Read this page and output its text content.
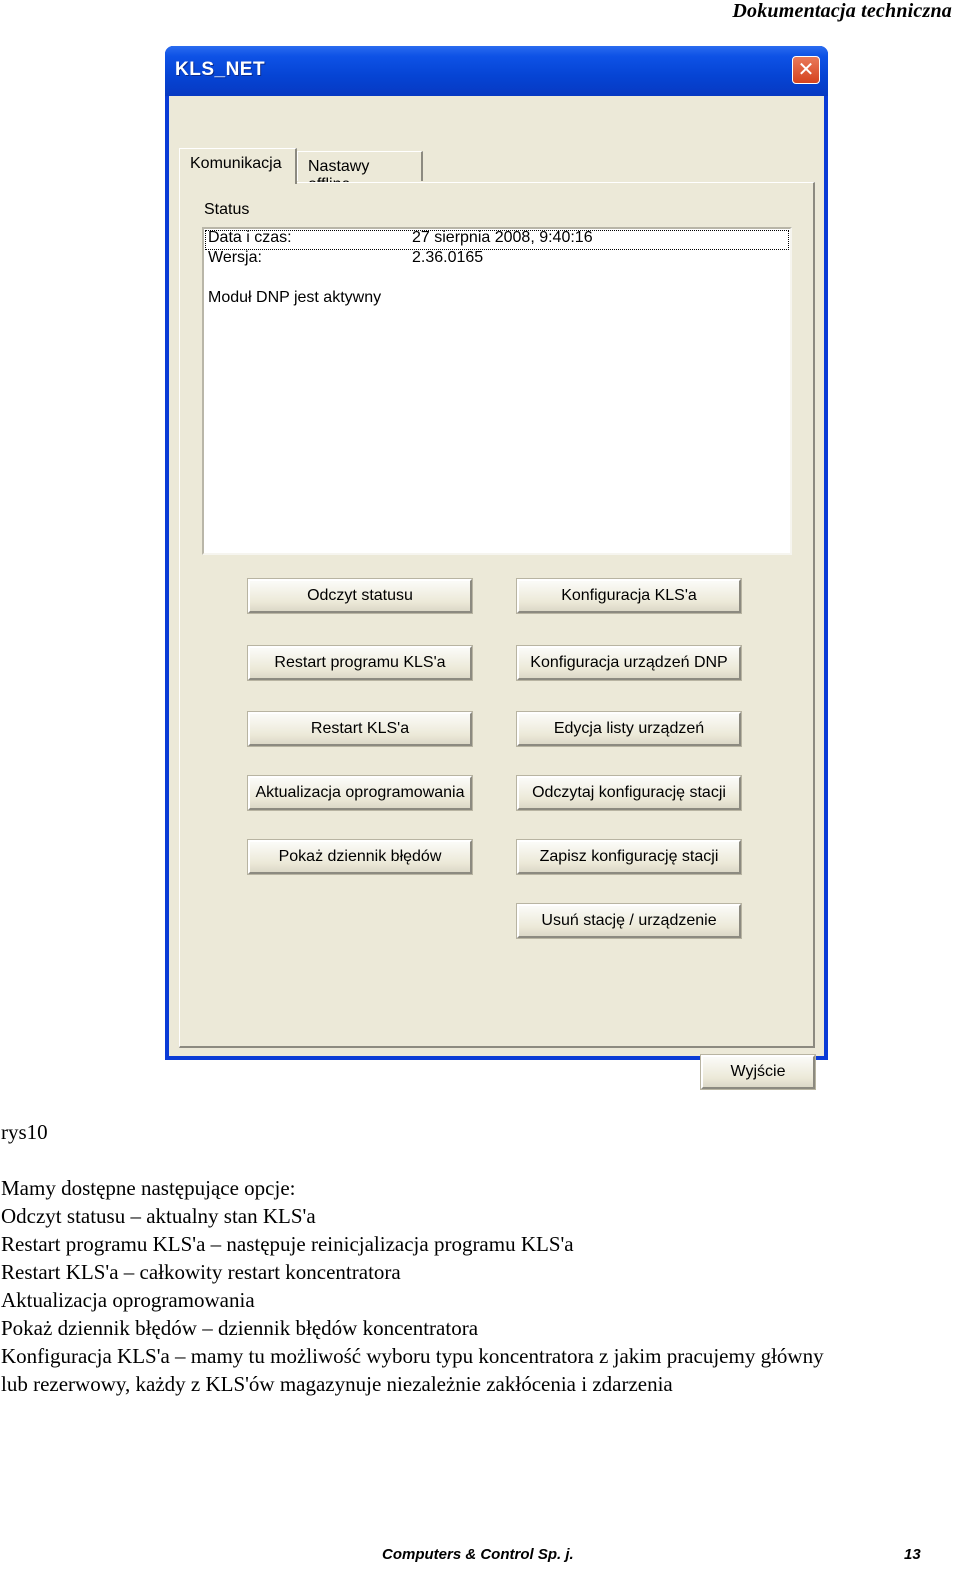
Dokumentacja techniczna
KLS_NET	✕
Komunikacja	Nastawy
Status
Data i czas:	27 sierpnia 2008, 9:40:16
Wersja:	2.36.0165
Moduł DNP jest aktywny
Odczyt statusu
Restart programu KLS'a
Restart KLS'a
Aktualizacja oprogramowania
Pokaż dziennik błędów
Konfiguracja KLS'a
Konfiguracja urządzeń DNP
Edycja listy urządzeń
Odczytaj konfigurację stacji
Zapisz konfigurację stacji
Usuń stację / urządzenie
Wyjście
rys10
Mamy dostępne następujące opcje:
Odczyt statusu – aktualny stan KLS'a
Restart programu KLS'a – następuje reinicjalizacja programu KLS'a
Restart KLS'a – całkowity restart koncentratora
Aktualizacja oprogramowania
Pokaż dziennik błędów – dziennik błędów koncentratora
Konfiguracja KLS'a – mamy tu możliwość wyboru typu koncentratora z jakim pracujemy główny
lub rezerwowy, każdy z KLS'ów magazynuje niezależnie zakłócenia i zdarzenia
Computers & Control Sp. j.	13
